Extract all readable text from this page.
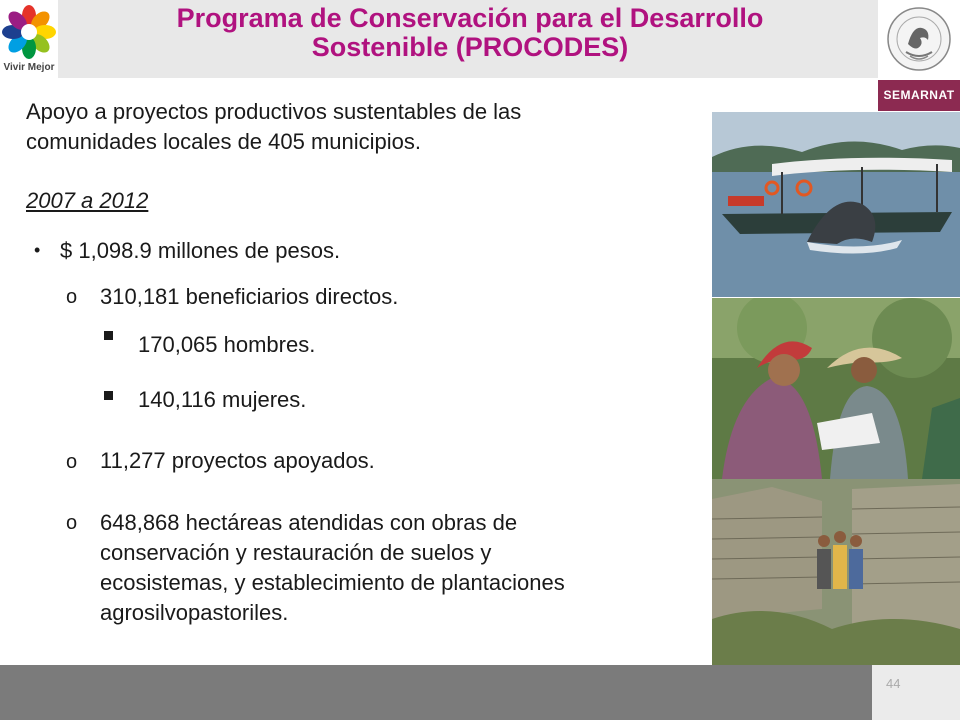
Vivir Mejor
Programa de Conservación para el Desarrollo
Sostenible (PROCODES)
SEMARNAT
Apoyo a proyectos productivos sustentables de las
comunidades locales de 405 municipios.
2007 a 2012
• $ 1,098.9 millones de pesos.
o 310,181 beneficiarios directos.
170,065 hombres.
140,116 mujeres.
o 11,277 proyectos apoyados.
o 648,868 hectáreas atendidas con obras de
conservación y restauración de suelos y
ecosistemas, y establecimiento de plantaciones
agrosilvopastoriles.
44
